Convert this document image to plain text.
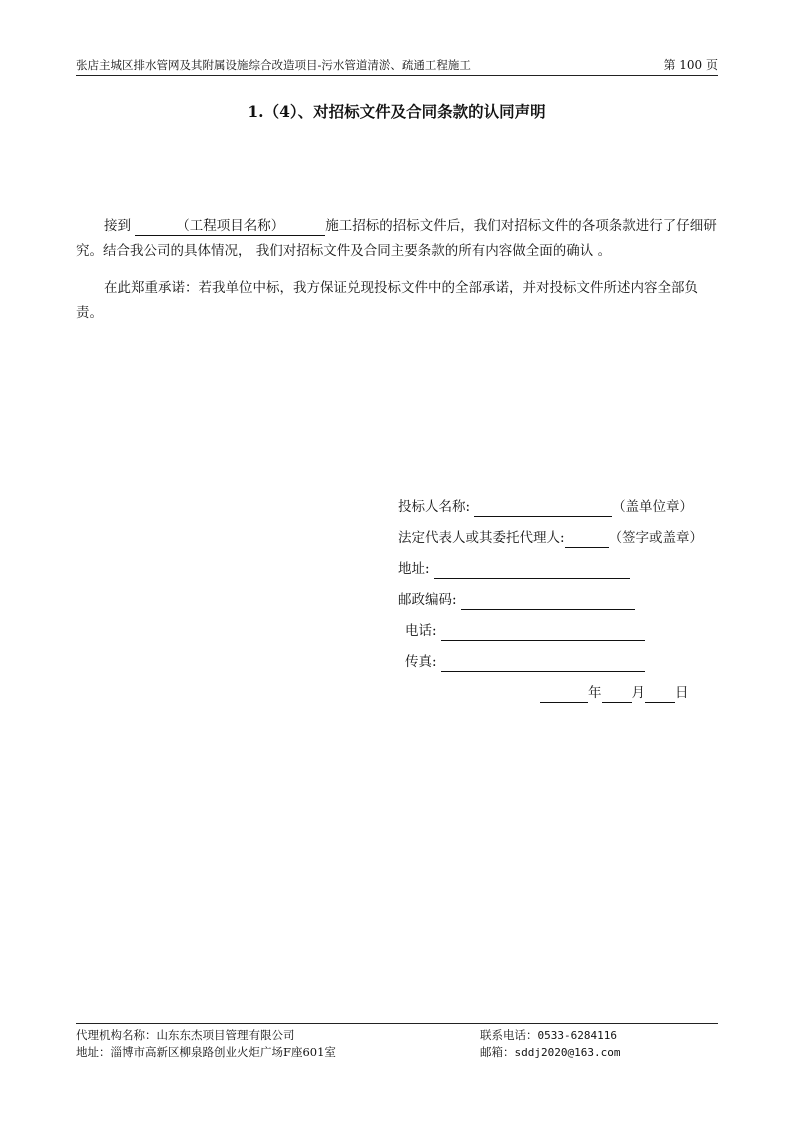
张店主城区排水管网及其附属设施综合改造项目-污水管道清淤、疏通工程施工	第 100 页
1.（4）、对招标文件及合同条款的认同声明
接到	（工程项目名称）	施工招标的招标文件后，我们对招标文件的各项条款进行了仔细研究。结合我公司的具体情况， 我们对招标文件及合同主要条款的所有内容做全面的确认 。
在此郑重承诺：若我单位中标，我方保证兑现投标文件中的全部承诺，并对投标文件所述内容全部负责。
投标人名称:	（盖单位章）
法定代表人或其委托代理人:	（签字或盖章）
地址:
邮政编码:
电话:
传真:
年 月 日
代理机构名称：山东东杰项目管理有限公司	联系电话：0533-6284116
地址：淄博市高新区柳泉路创业火炬广场F座601室	邮箱：sddj2020@163.com
